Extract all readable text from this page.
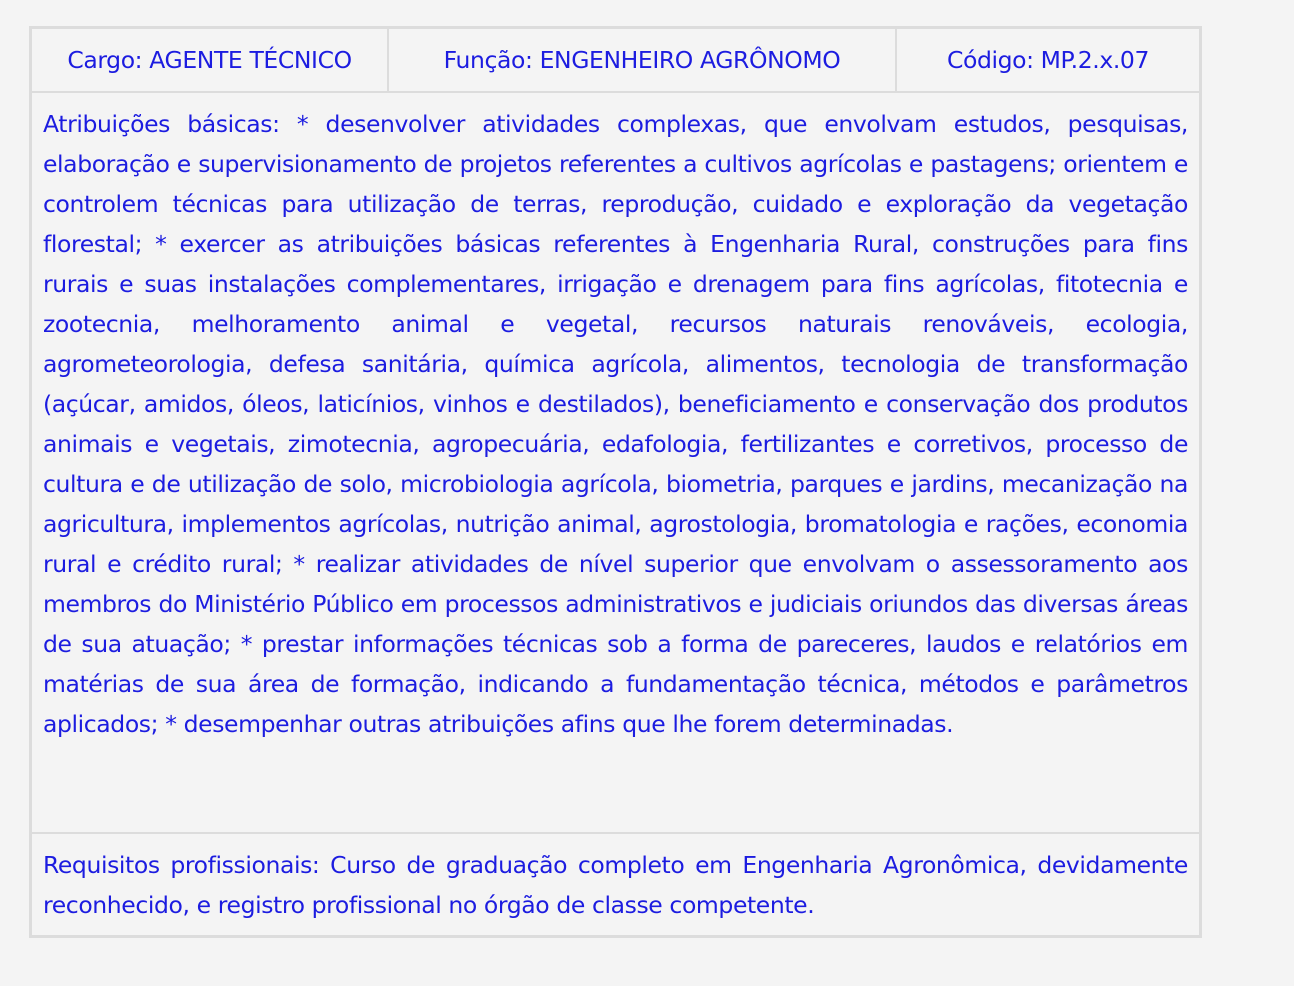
Cargo: AGENTE TÉCNICO	Função: ENGENHEIRO AGRÔNOMO	Código: MP.2.x.07
Atribuições básicas: * desenvolver atividades complexas, que envolvam estudos, pesquisas, elaboração e supervisionamento de projetos referentes a cultivos agrícolas e pastagens; orientem e controlem técnicas para utilização de terras, reprodução, cuidado e exploração da vegetação florestal; * exercer as atribuições básicas referentes à Engenharia Rural, construções para fins rurais e suas instalações complementares, irrigação e drenagem para fins agrícolas, fitotecnia e zootecnia, melhoramento animal e vegetal, recursos naturais renováveis, ecologia, agrometeorologia, defesa sanitária, química agrícola, alimentos, tecnologia de transformação (açúcar, amidos, óleos, laticínios, vinhos e destilados), beneficiamento e conservação dos produtos animais e vegetais, zimotecnia, agropecuária, edafologia, fertilizantes e corretivos, processo de cultura e de utilização de solo, microbiologia agrícola, biometria, parques e jardins, mecanização na agricultura, implementos agrícolas, nutrição animal, agrostologia, bromatologia e rações, economia rural e crédito rural; * realizar atividades de nível superior que envolvam o assessoramento aos membros do Ministério Público em processos administrativos e judiciais oriundos das diversas áreas de sua atuação; * prestar informações técnicas sob a forma de pareceres, laudos e relatórios em matérias de sua área de formação, indicando a fundamentação técnica, métodos e parâmetros aplicados; * desempenhar outras atribuições afins que lhe forem determinadas.
Requisitos profissionais: Curso de graduação completo em Engenharia Agronômica, devidamente reconhecido, e registro profissional no órgão de classe competente.
